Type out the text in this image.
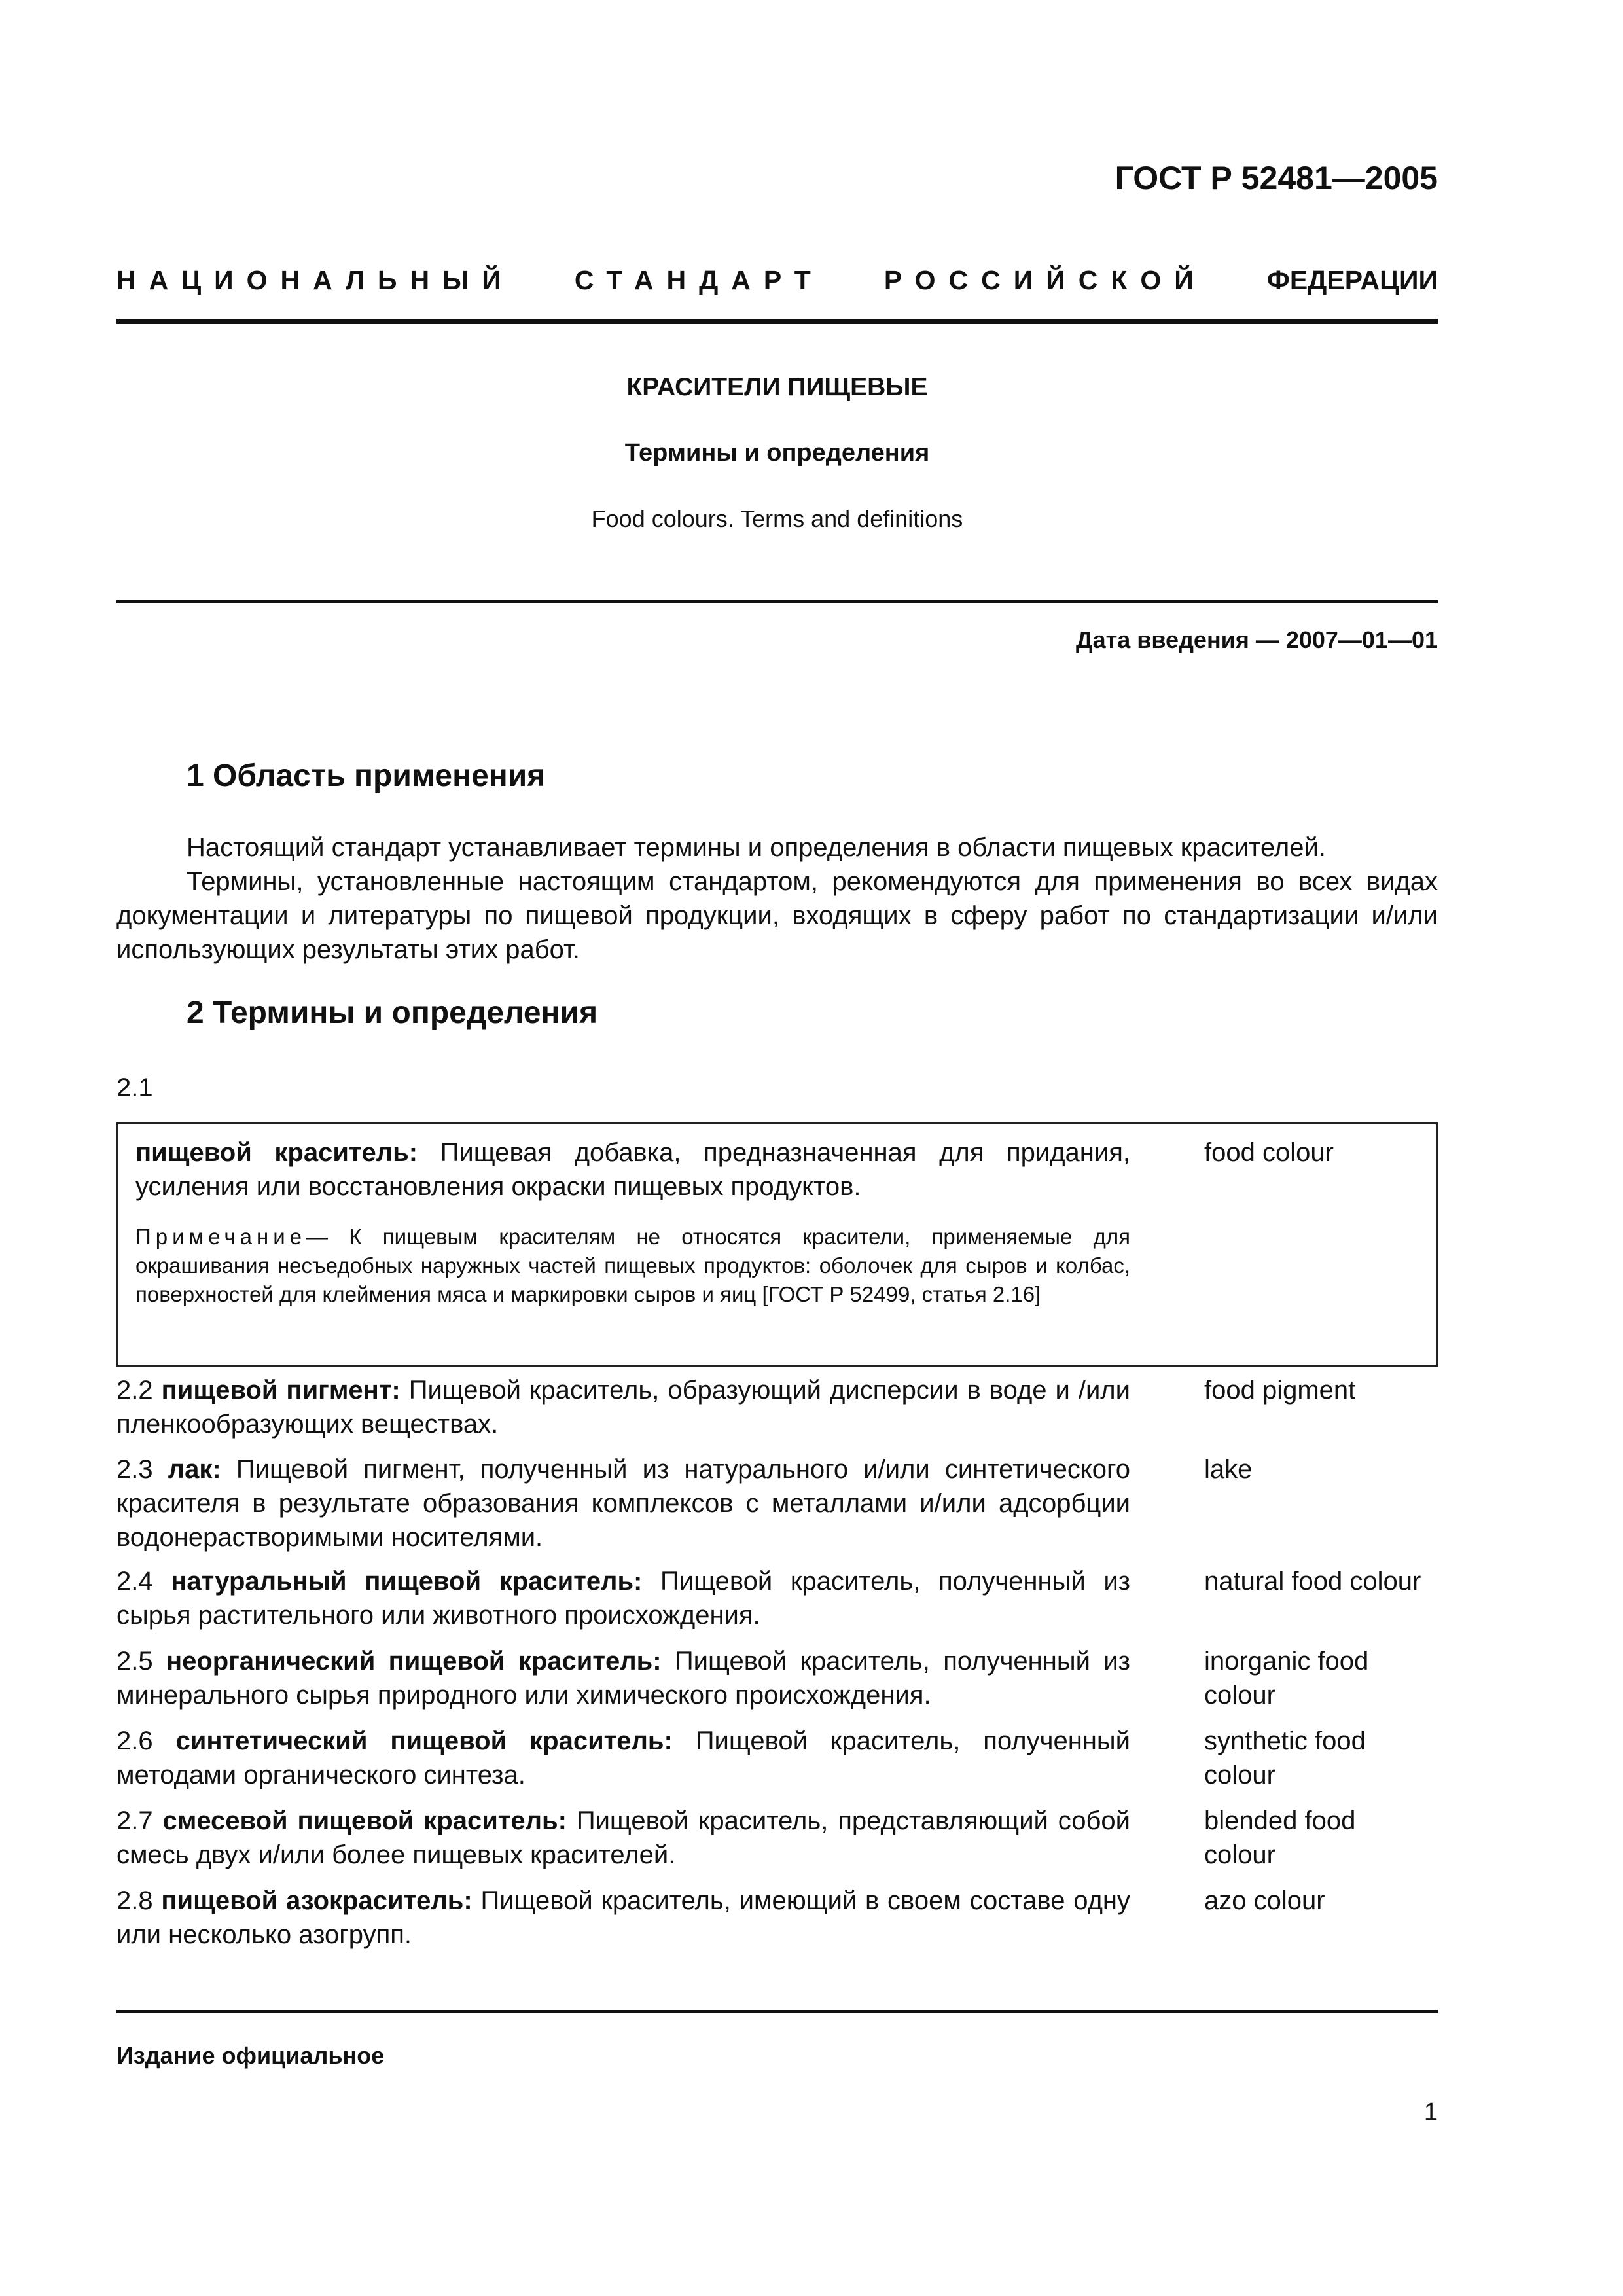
ГОСТ Р 52481—2005
НАЦИОНАЛЬНЫЙ СТАНДАРТ РОССИЙСКОЙ ФЕДЕРАЦИИ
КРАСИТЕЛИ ПИЩЕВЫЕ
Термины и определения
Food colours. Terms and definitions
Дата введения — 2007—01—01
1 Область применения

Настоящий стандарт устанавливает термины и определения в области пищевых красителей.

Термины, установленные настоящим стандартом, рекомендуются для применения во всех видах документации и литературы по пищевой продукции, входящих в сферу работ по стандартизации и/или использующих результаты этих работ.

2 Термины и определения
2.1
пищевой краситель: Пищевая добавка, предназначенная для придания, усиления или восстановления окраски пищевых продуктов.
food colour
Примечание— К пищевым красителям не относятся красители, применяемые для окрашивания несъедобных наружных частей пищевых продуктов: оболочек для сыров и колбас, поверхностей для клеймения мяса и маркировки сыров и яиц [ГОСТ Р 52499, статья 2.16]
2.2 пищевой пигмент: Пищевой краситель, образующий дисперсии в воде и /или пленкообразующих веществах.
food pigment
2.3 лак: Пищевой пигмент, полученный из натурального и/или синтетического красителя в результате образования комплексов с металлами и/или адсорбции водонерастворимыми носителями.
lake
2.4 натуральный пищевой краситель: Пищевой краситель, полученный из сырья растительного или животного происхождения.
natural food colour
2.5 неорганический пищевой краситель: Пищевой краситель, полученный из минерального сырья природного или химического происхождения.
inorganic food colour
2.6 синтетический пищевой краситель: Пищевой краситель, полученный методами органического синтеза.
synthetic food colour
2.7 смесевой пищевой краситель: Пищевой краситель, представляющий собой смесь двух и/или более пищевых красителей.
blended food colour
2.8 пищевой азокраситель: Пищевой краситель, имеющий в своем составе одну или несколько азогрупп.
azo colour
Издание официальное
1
